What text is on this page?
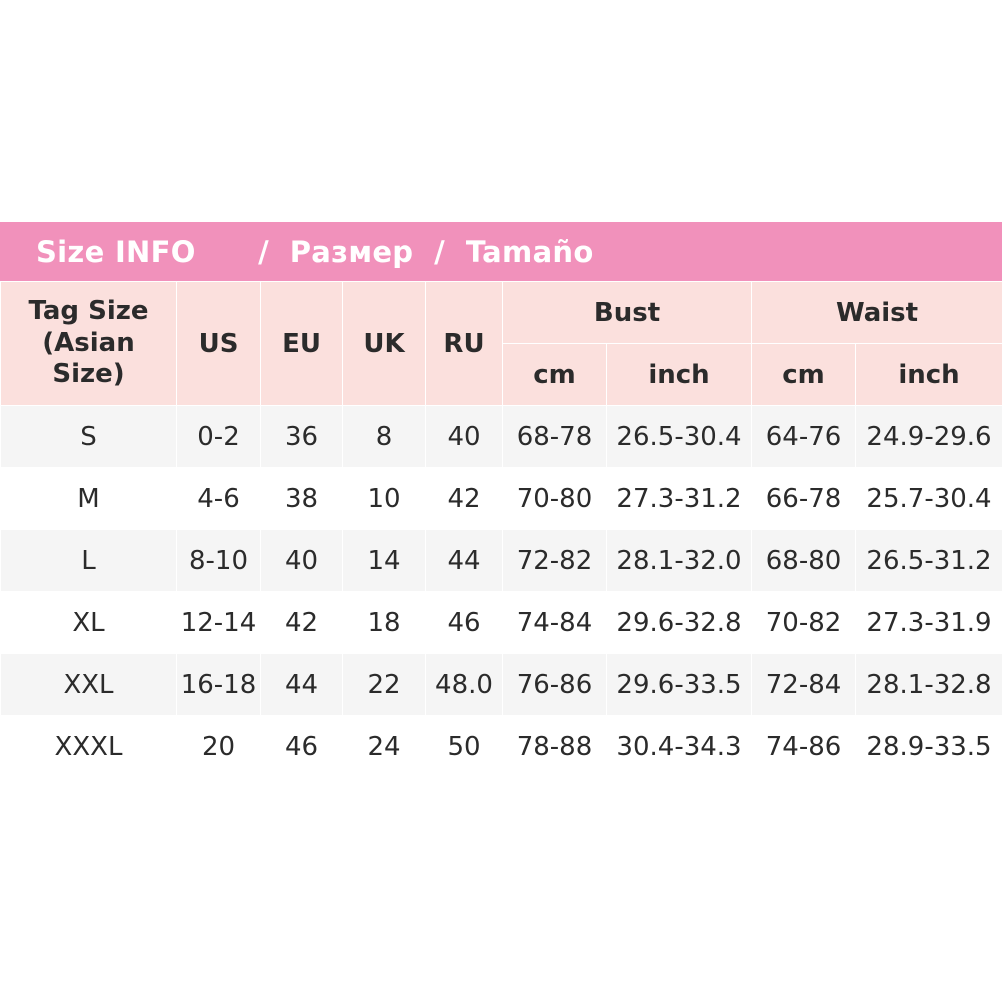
Size INFO      /  Размер  /  Tamaño
Tag Size
(Asian
Size)	US	EU	UK	RU	Bust		Waist	
					cm	inch	cm	inch
S	0-2	36	8	40	68-78	26.5-30.4	64-76	24.9-29.6
M	4-6	38	10	42	70-80	27.3-31.2	66-78	25.7-30.4
L	8-10	40	14	44	72-82	28.1-32.0	68-80	26.5-31.2
XL	12-14	42	18	46	74-84	29.6-32.8	70-82	27.3-31.9
XXL	16-18	44	22	48.0	76-86	29.6-33.5	72-84	28.1-32.8
XXXL	20	46	24	50	78-88	30.4-34.3	74-86	28.9-33.5
